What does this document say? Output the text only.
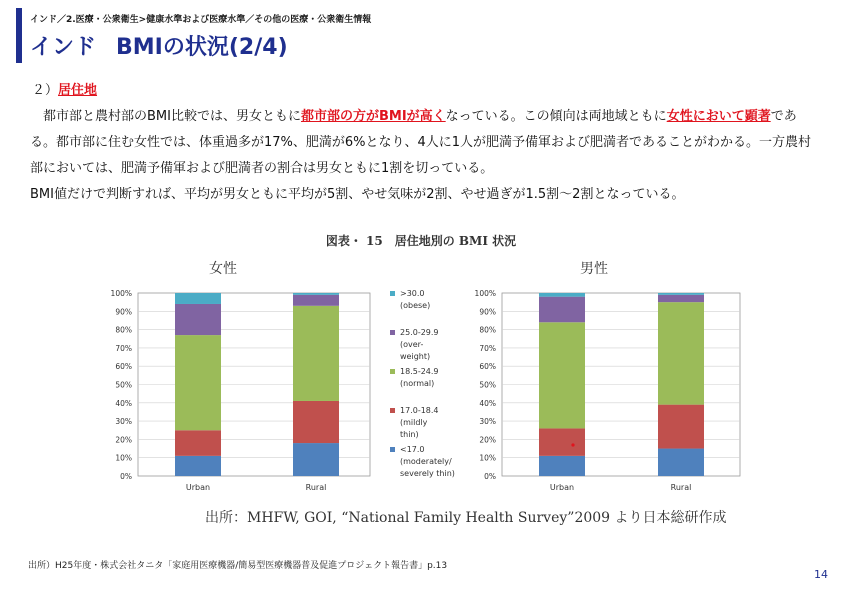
インド／2.医療・公衆衛生>健康水準および医療水準／その他の医療・公衆衛生情報
インド BMIの状況(2/4)
２）居住地
　都市部と農村部のBMI比較では、男女ともに都市部の方がBMIが高くなっている。この傾向は両地域ともに女性において顕著である。都市部に住む女性では、体重過多が17%、肥満が6%となり、4人に1人が肥満予備軍および肥満者であることがわかる。一方農村部においては、肥満予備軍および肥満者の割合は男女ともに1割を切っている。
BMI値だけで判断すれば、平均が男女ともに平均が5割、やせ気味が2割、やせ過ぎが1.5割〜2割となっている。
図表・ 15　居住地別の BMI 状況
女性
0%
10%
20%
30%
40%
50%
60%
70%
80%
90%
100%
Urban	Rural
男性
0%
10%
20%
30%
40%
50%
60%
70%
80%
90%
100%
Urban	Rural
>30.0
(obese)
25.0-29.9
(over-
weight)
18.5-24.9
(normal)
17.0-18.4
(mildly
thin)
<17.0
(moderately/
severely thin)
出所：MHFW, GOI, “National Family Health Survey”2009 より日本総研作成
出所）H25年度・株式会社タニタ「家庭用医療機器/簡易型医療機器普及促進プロジェクト報告書」p.13
14
